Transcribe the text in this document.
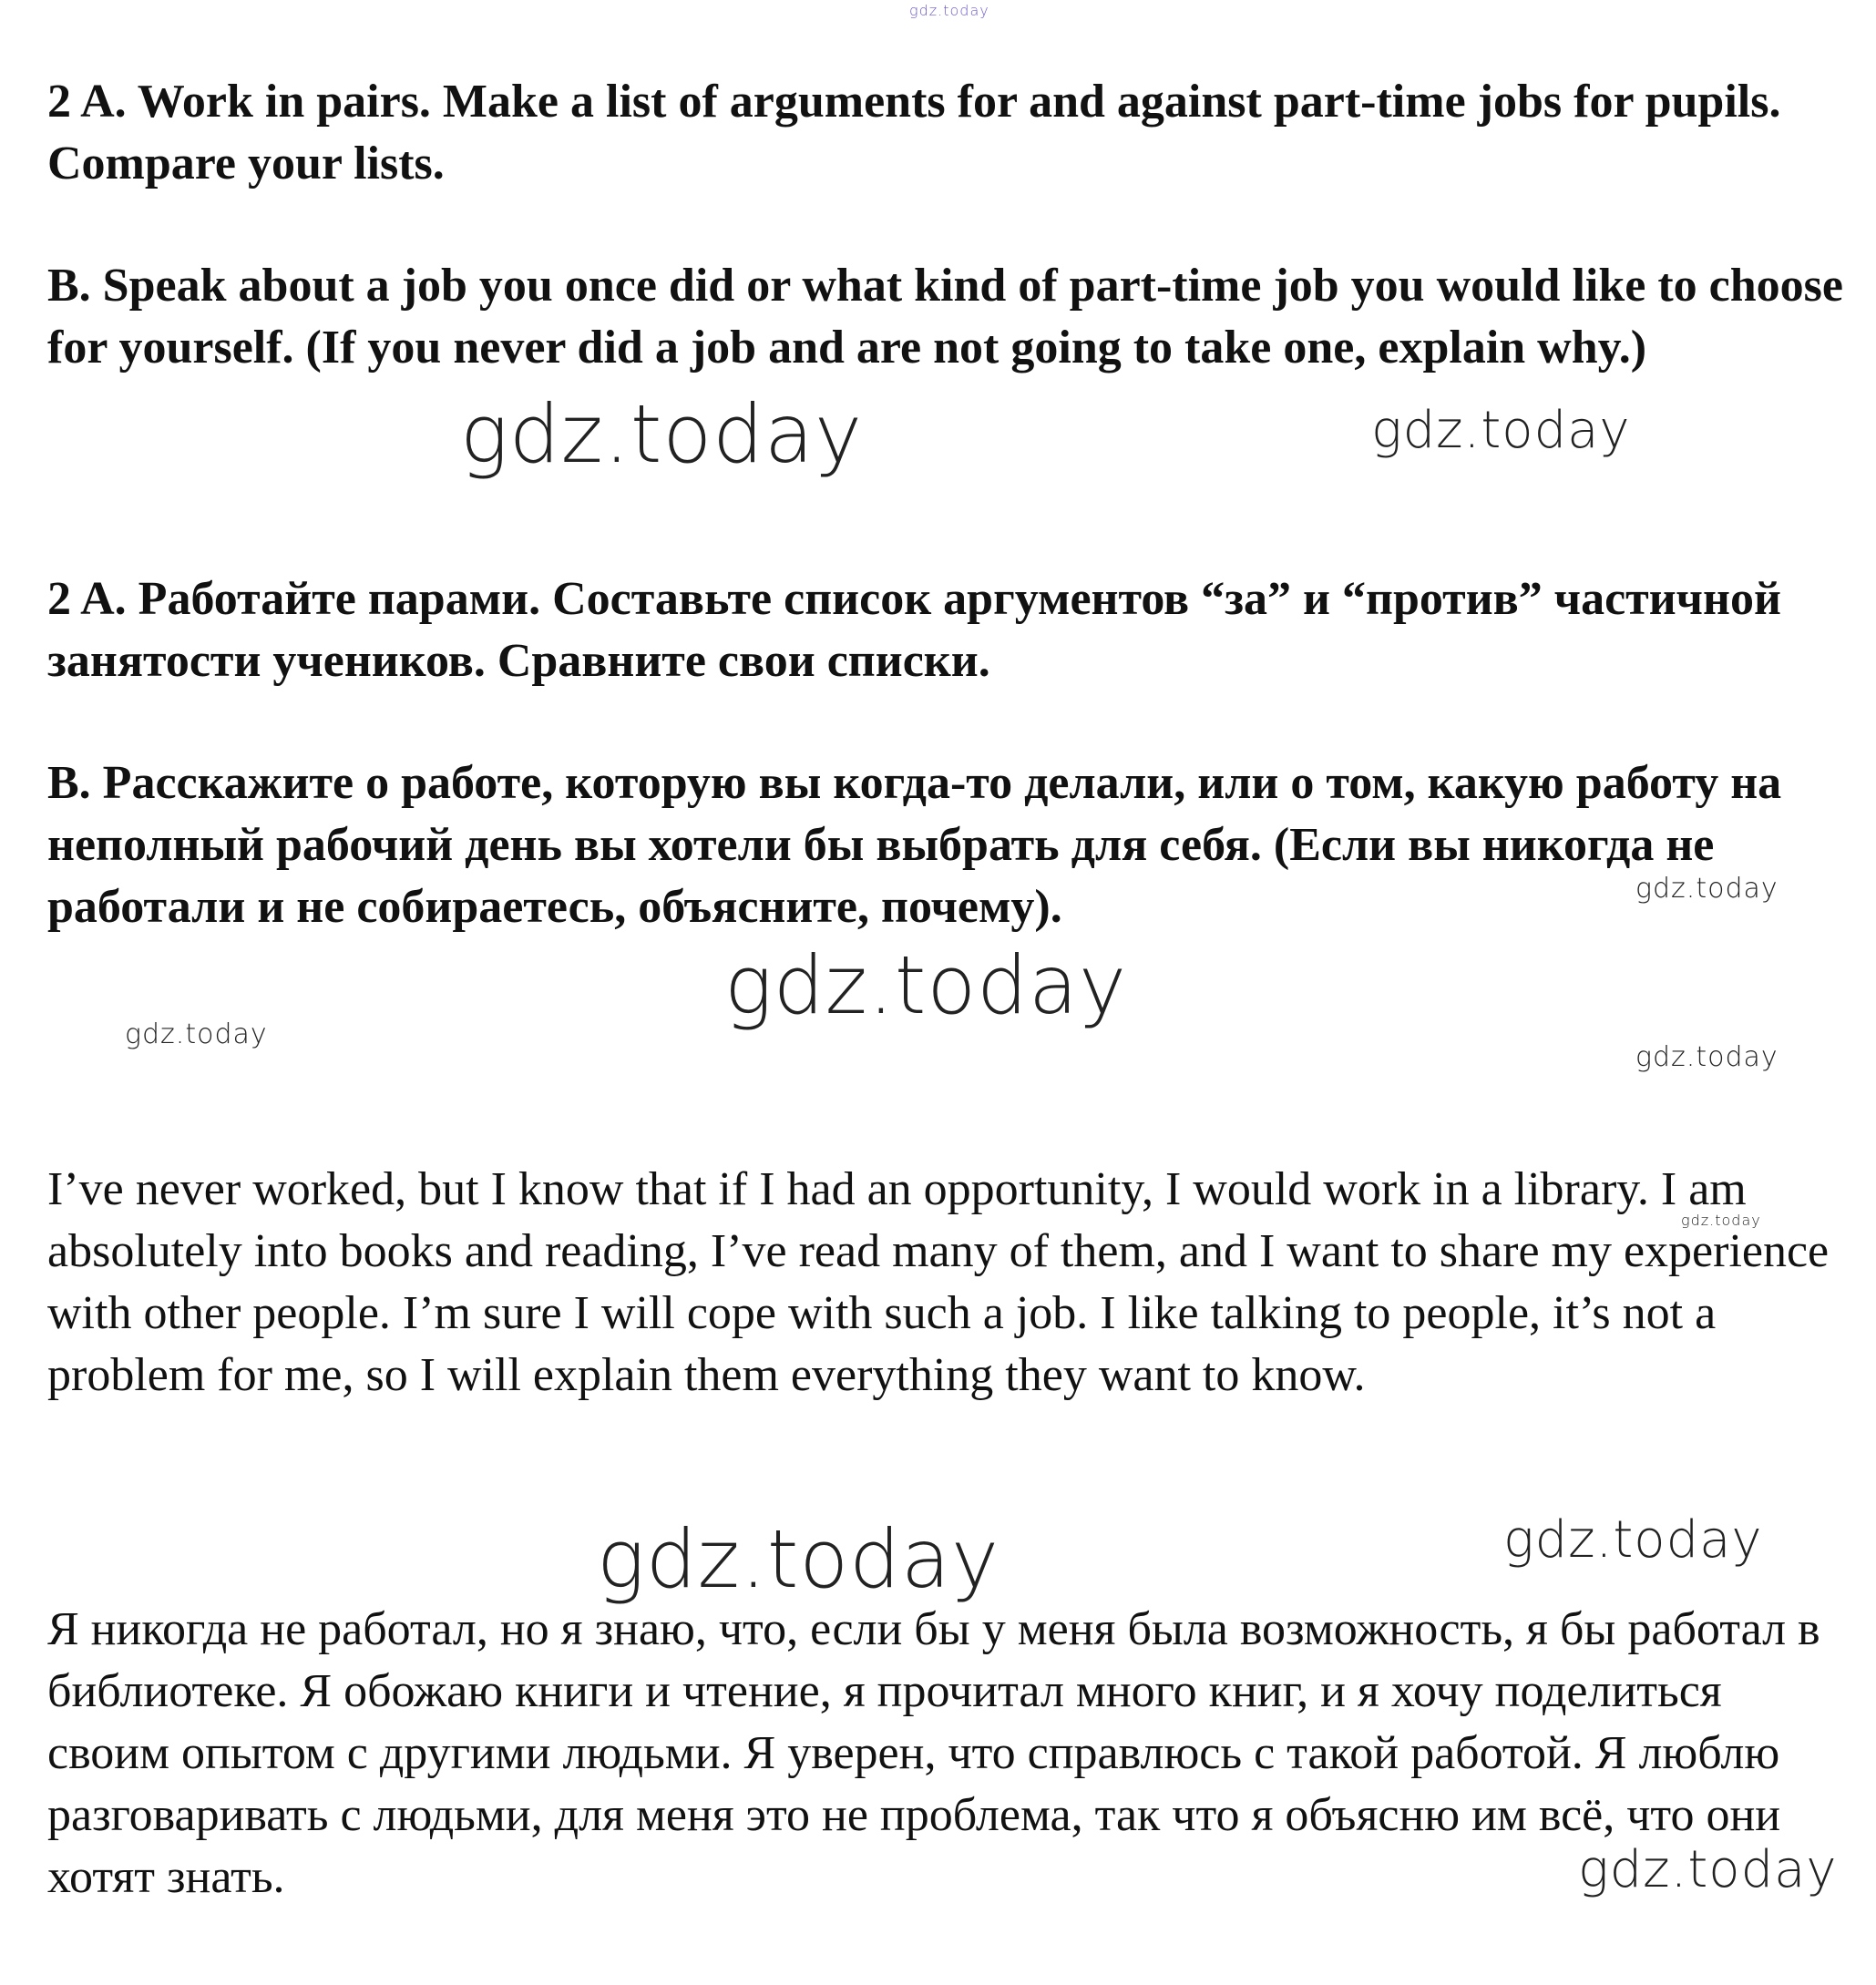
gdz.today
gdz.today	gdz.today
gdz.today
gdz.today
gdz.today
gdz.today
gdz.today
gdz.today	gdz.today
gdz.today

2 A. Work in pairs. Make a list of arguments for and against part-time jobs for pupils. Compare your lists.

B. Speak about a job you once did or what kind of part-time job you would like to choose for yourself. (If you never did a job and are not going to take one, explain why.)

2 A. Работайте парами. Составьте список аргументов “за” и “против” частичной занятости учеников. Сравните свои списки.

B. Расскажите о работе, которую вы когда-то делали, или о том, какую работу на неполный рабочий день вы хотели бы выбрать для себя. (Если вы никогда не работали и не собираетесь, объясните, почему).

I’ve never worked, but I know that if I had an opportunity, I would work in a library. I am absolutely into books and reading, I’ve read many of them, and I want to share my experience with other people. I’m sure I will cope with such a job. I like talking to people, it’s not a problem for me, so I will explain them everything they want to know.

Я никогда не работал, но я знаю, что, если бы у меня была возможность, я бы работал в библиотеке. Я обожаю книги и чтение, я прочитал много книг, и я хочу поделиться своим опытом с другими людьми. Я уверен, что справлюсь с такой работой. Я люблю разговаривать с людьми, для меня это не проблема, так что я объясню им всё, что они хотят знать.
